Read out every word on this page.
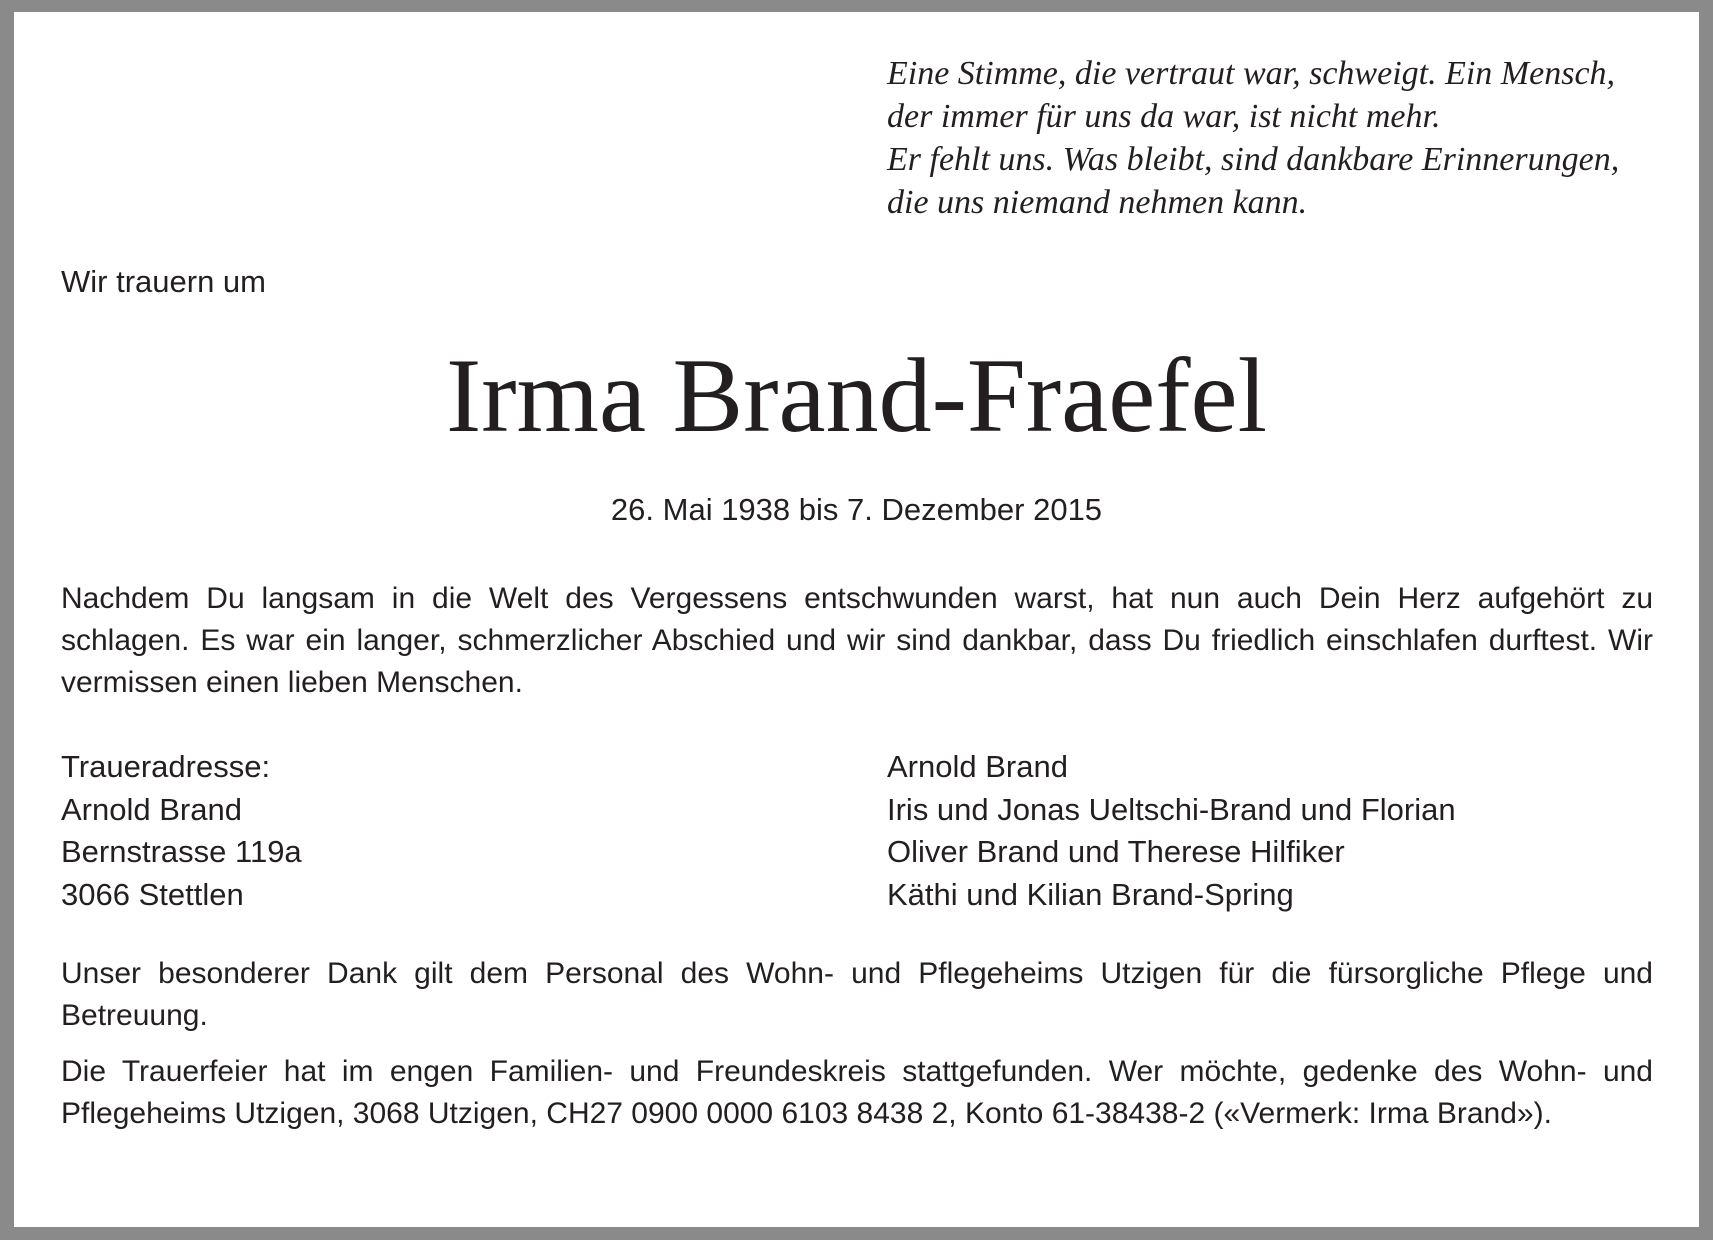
Eine Stimme, die vertraut war, schweigt. Ein Mensch,
der immer für uns da war, ist nicht mehr.
Er fehlt uns. Was bleibt, sind dankbare Erinnerungen,
die uns niemand nehmen kann.
Wir trauern um
Irma Brand-Fraefel
26. Mai 1938 bis 7. Dezember 2015
Nachdem Du langsam in die Welt des Vergessens entschwunden warst, hat nun auch Dein Herz aufgehört zu schlagen. Es war ein langer, schmerzlicher Abschied und wir sind dankbar, dass Du friedlich einschlafen durftest. Wir vermissen einen lieben Menschen.
Traueradresse:
Arnold Brand
Bernstrasse 119a
3066 Stettlen
Arnold Brand
Iris und Jonas Ueltschi-Brand und Florian
Oliver Brand und Therese Hilfiker
Käthi und Kilian Brand-Spring
Unser besonderer Dank gilt dem Personal des Wohn- und Pflegeheims Utzigen für die fürsorgliche Pflege und Betreuung.
Die Trauerfeier hat im engen Familien- und Freundeskreis stattgefunden. Wer möchte, gedenke des Wohn- und Pflegeheims Utzigen, 3068 Utzigen, CH27 0900 0000 6103 8438 2, Konto 61-38438-2 («Vermerk: Irma Brand»).
